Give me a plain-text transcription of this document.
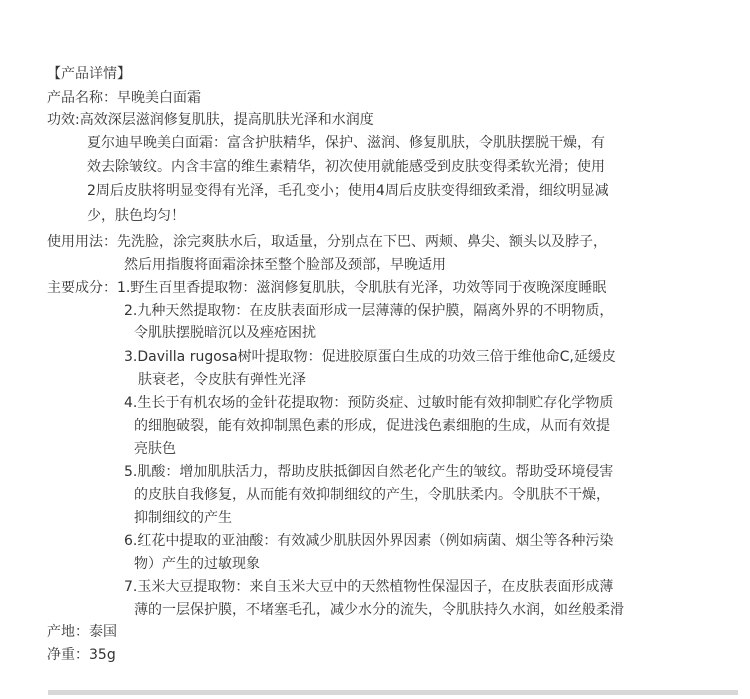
【产品详情】
产品名称：早晚美白面霜
功效:高效深层滋润修复肌肤，提高肌肤光泽和水润度
夏尔迪早晚美白面霜：富含护肤精华，保护、滋润、修复肌肤，令肌肤摆脱干燥，有
效去除皱纹。内含丰富的维生素精华，初次使用就能感受到皮肤变得柔软光滑；使用
2周后皮肤将明显变得有光泽，毛孔变小；使用4周后皮肤变得细致柔滑，细纹明显减
少，肤色均匀！
使用用法： 先洗脸，涂完爽肤水后，取适量，分别点在下巴、两颊、鼻尖、额头以及脖子，
然后用指腹将面霜涂抹至整个脸部及颈部，早晚适用
主要成分： 1.野生百里香提取物：滋润修复肌肤，令肌肤有光泽，功效等同于夜晚深度睡眠
2.九种天然提取物：在皮肤表面形成一层薄薄的保护膜，隔离外界的不明物质，
令肌肤摆脱暗沉以及痤疮困扰
3.Davilla rugosa树叶提取物：促进胶原蛋白生成的功效三倍于维他命C,延缓皮
肤衰老，令皮肤有弹性光泽
4.生长于有机农场的金针花提取物：预防炎症、过敏时能有效抑制贮存化学物质
的细胞破裂，能有效抑制黑色素的形成，促进浅色素细胞的生成，从而有效提
亮肤色
5.肌酸：增加肌肤活力，帮助皮肤抵御因自然老化产生的皱纹。帮助受环境侵害
的皮肤自我修复，从而能有效抑制细纹的产生，令肌肤柔内。令肌肤不干燥，
抑制细纹的产生
6.红花中提取的亚油酸：有效减少肌肤因外界因素（例如病菌、烟尘等各种污染
物）产生的过敏现象
7.玉米大豆提取物：来自玉米大豆中的天然植物性保湿因子，在皮肤表面形成薄
薄的一层保护膜，不堵塞毛孔，减少水分的流失，令肌肤持久水润，如丝般柔滑
产地：泰国
净重：35g
